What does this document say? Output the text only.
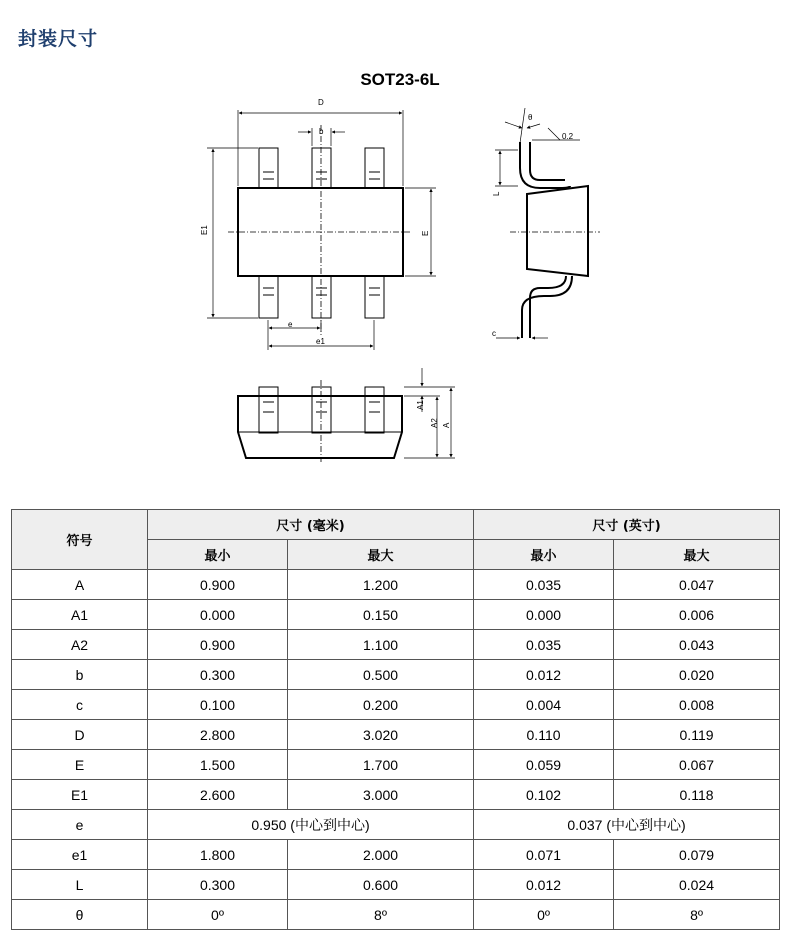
封装尺寸
SOT23-6L
D
b
E1	E
e
e1
θ
0.2
L
c
A1
A2 A
符号	尺寸 (毫米)		尺寸 (英寸)	
	最小	最大	最小	最大
A	0.900	1.200	0.035	0.047
A1	0.000	0.150	0.000	0.006
A2	0.900	1.100	0.035	0.043
b	0.300	0.500	0.012	0.020
c	0.100	0.200	0.004	0.008
D	2.800	3.020	0.110	0.119
E	1.500	1.700	0.059	0.067
E1	2.600	3.000	0.102	0.118
e	0.950 (中心到中心)		0.037 (中心到中心)	
e1	1.800	2.000	0.071	0.079
L	0.300	0.600	0.012	0.024
θ	0º	8º	0º	8º
